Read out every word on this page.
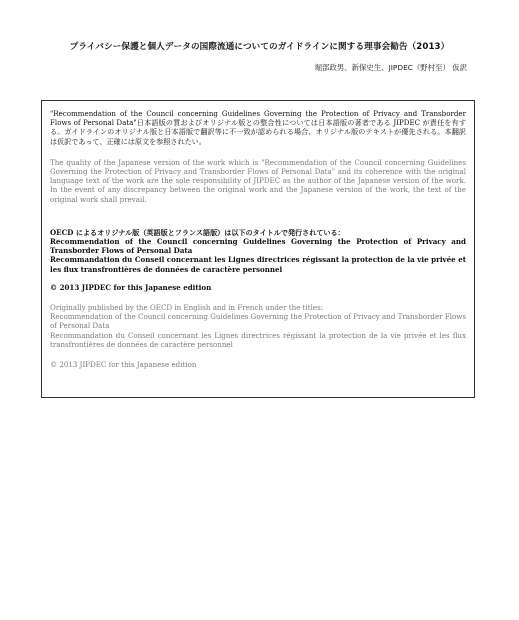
プライバシー保護と個人データの国際流通についてのガイドラインに関する理事会勧告（2013）
堀部政男、新保史生、JIPDEC（野村至） 仮訳

"Recommendation of the Council concerning Guidelines Governing the Protection of Privacy and Transborder Flows of Personal Data"日本語版の質およびオリジナル版との整合性については日本語版の著者である JIPDEC が責任を有する。ガイドラインのオリジナル版と日本語版で翻訳等に不一致が認められる場合、オリジナル版のテキストが優先される。本翻訳は仮訳であって、正確には原文を参照されたい。

The quality of the Japanese version of the work which is "Recommendation of the Council concerning Guidelines Governing the Protection of Privacy and Transborder Flows of Personal Data" and its coherence with the original language text of the work are the sole responsibility of JIPDEC as the author of the Japanese version of the work. In the event of any discrepancy between the original work and the Japanese version of the work, the text of the original work shall prevail.

OECD によるオリジナル版（英語版とフランス語版）は以下のタイトルで発行されている：

Recommendation of the Council concerning Guidelines Governing the Protection of Privacy and Transborder Flows of Personal Data

Recommandation du Conseil concernant les Lignes directrices régissant la protection de la vie privée et les flux transfrontières de données de caractère personnel

© 2013 JIPDEC for this Japanese edition

Originally published by the OECD in English and in French under the titles:

Recommendation of the Council concerning Guidelines Governing the Protection of Privacy and Transborder Flows of Personal Data

Recommandation du Conseil concernant les Lignes directrices régissant la protection de la vie privée et les flux transfrontières de données de caractère personnel

© 2013 JIPDEC for this Japanese edition
